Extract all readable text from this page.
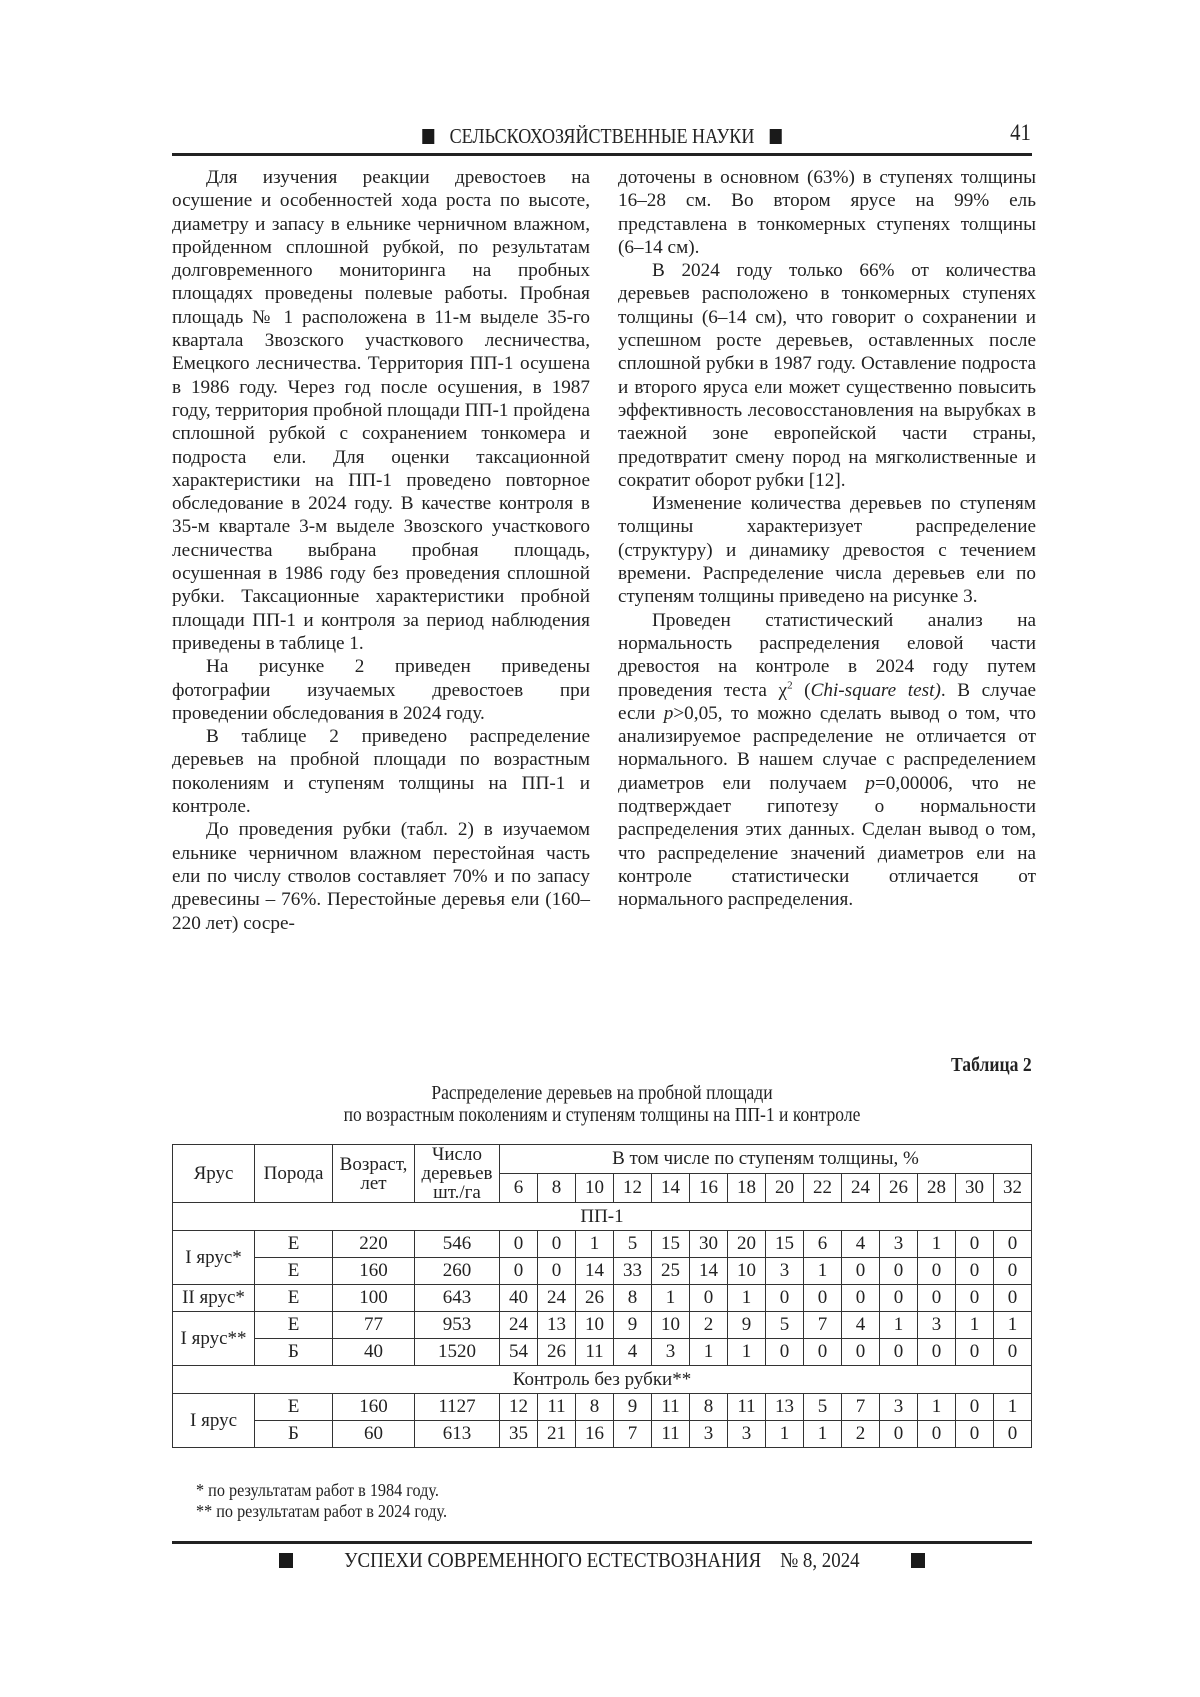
СЕЛЬСКОХОЗЯЙСТВЕННЫЕ НАУКИ	41

Для изучения реакции древостоев на осушение и особенностей хода роста по высоте, диаметру и запасу в ельнике черничном влажном, пройденном сплошной рубкой, по результатам долговременного мониторинга на пробных площадях проведены полевые работы. Пробная площадь № 1 расположена в 11-м выделе 35-го квартала Звозского участкового лесничества, Емецкого лесничества. Территория ПП-1 осушена в 1986 году. Через год после осушения, в 1987 году, территория пробной площади ПП-1 пройдена сплошной рубкой с сохранением тонкомера и подроста ели. Для оценки таксационной характеристики на ПП-1 проведено повторное обследование в 2024 году. В качестве контроля в 35-м квартале 3-м выделе Звозского участкового лесничества выбрана пробная площадь, осушенная в 1986 году без проведения сплошной рубки. Таксационные характеристики пробной площади ПП-1 и контроля за период наблюдения приведены в таблице 1.

На рисунке 2 приведен приведены фотографии изучаемых древостоев при проведении обследования в 2024 году.

В таблице 2 приведено распределение деревьев на пробной площади по возрастным поколениям и ступеням толщины на ПП-1 и контроле.

До проведения рубки (табл. 2) в изучаемом ельнике черничном влажном перестойная часть ели по числу стволов составляет 70% и по запасу древесины – 76%. Перестойные деревья ели (160–220 лет) сосре-

доточены в основном (63%) в ступенях толщины 16–28 см. Во втором ярусе на 99% ель представлена в тонкомерных ступенях толщины (6–14 см).

В 2024 году только 66% от количества деревьев расположено в тонкомерных ступенях толщины (6–14 см), что говорит о сохранении и успешном росте деревьев, оставленных после сплошной рубки в 1987 году. Оставление подроста и второго яруса ели может существенно повысить эффективность лесовосстановления на вырубках в таежной зоне европейской части страны, предотвратит смену пород на мягколиственные и сократит оборот рубки [12].

Изменение количества деревьев по ступеням толщины характеризует распределение (структуру) и динамику древостоя с течением времени. Распределение числа деревьев ели по ступеням толщины приведено на рисунке 3.

Проведен статистический анализ на нормальность распределения еловой части древостоя на контроле в 2024 году путем проведения теста $\chi^2$ (Chi-square test). В случае если p>0,05, то можно сделать вывод о том, что анализируемое распределение не отличается от нормального. В нашем случае с распределением диаметров ели получаем p=0,00006, что не подтверждает гипотезу о нормальности распределения этих данных. Сделан вывод о том, что распределение значений диаметров ели на контроле статистически отличается от нормального распределения.

Таблица 2
Распределение деревьев на пробной площади
по возрастным поколениям и ступеням толщины на ПП-1 и контроле
Ярус	Порода	Возраст, лет	Число деревьев шт./га	В том числе по ступеням толщины, %													
				6	8	10	12	14	16	18	20	22	24	26	28	30	32
ПП-1																	
I ярус*	Е	220	546	0	0	1	5	15	30	20	15	6	4	3	1	0	0
	Е	160	260	0	0	14	33	25	14	10	3	1	0	0	0	0	0
II ярус*	Е	100	643	40	24	26	8	1	0	1	0	0	0	0	0	0	0
I ярус**	Е	77	953	24	13	10	9	10	2	9	5	7	4	1	3	1	1
	Б	40	1520	54	26	11	4	3	1	1	0	0	0	0	0	0	0
Контроль без рубки**																	
I ярус	Е	160	1127	12	11	8	9	11	8	11	13	5	7	3	1	0	1
	Б	60	613	35	21	16	7	11	3	3	1	1	2	0	0	0	0
* по результатам работ в 1984 году.
** по результатам работ в 2024 году.
УСПЕХИ СОВРЕМЕННОГО ЕСТЕСТВОЗНАНИЯ № 8, 2024
